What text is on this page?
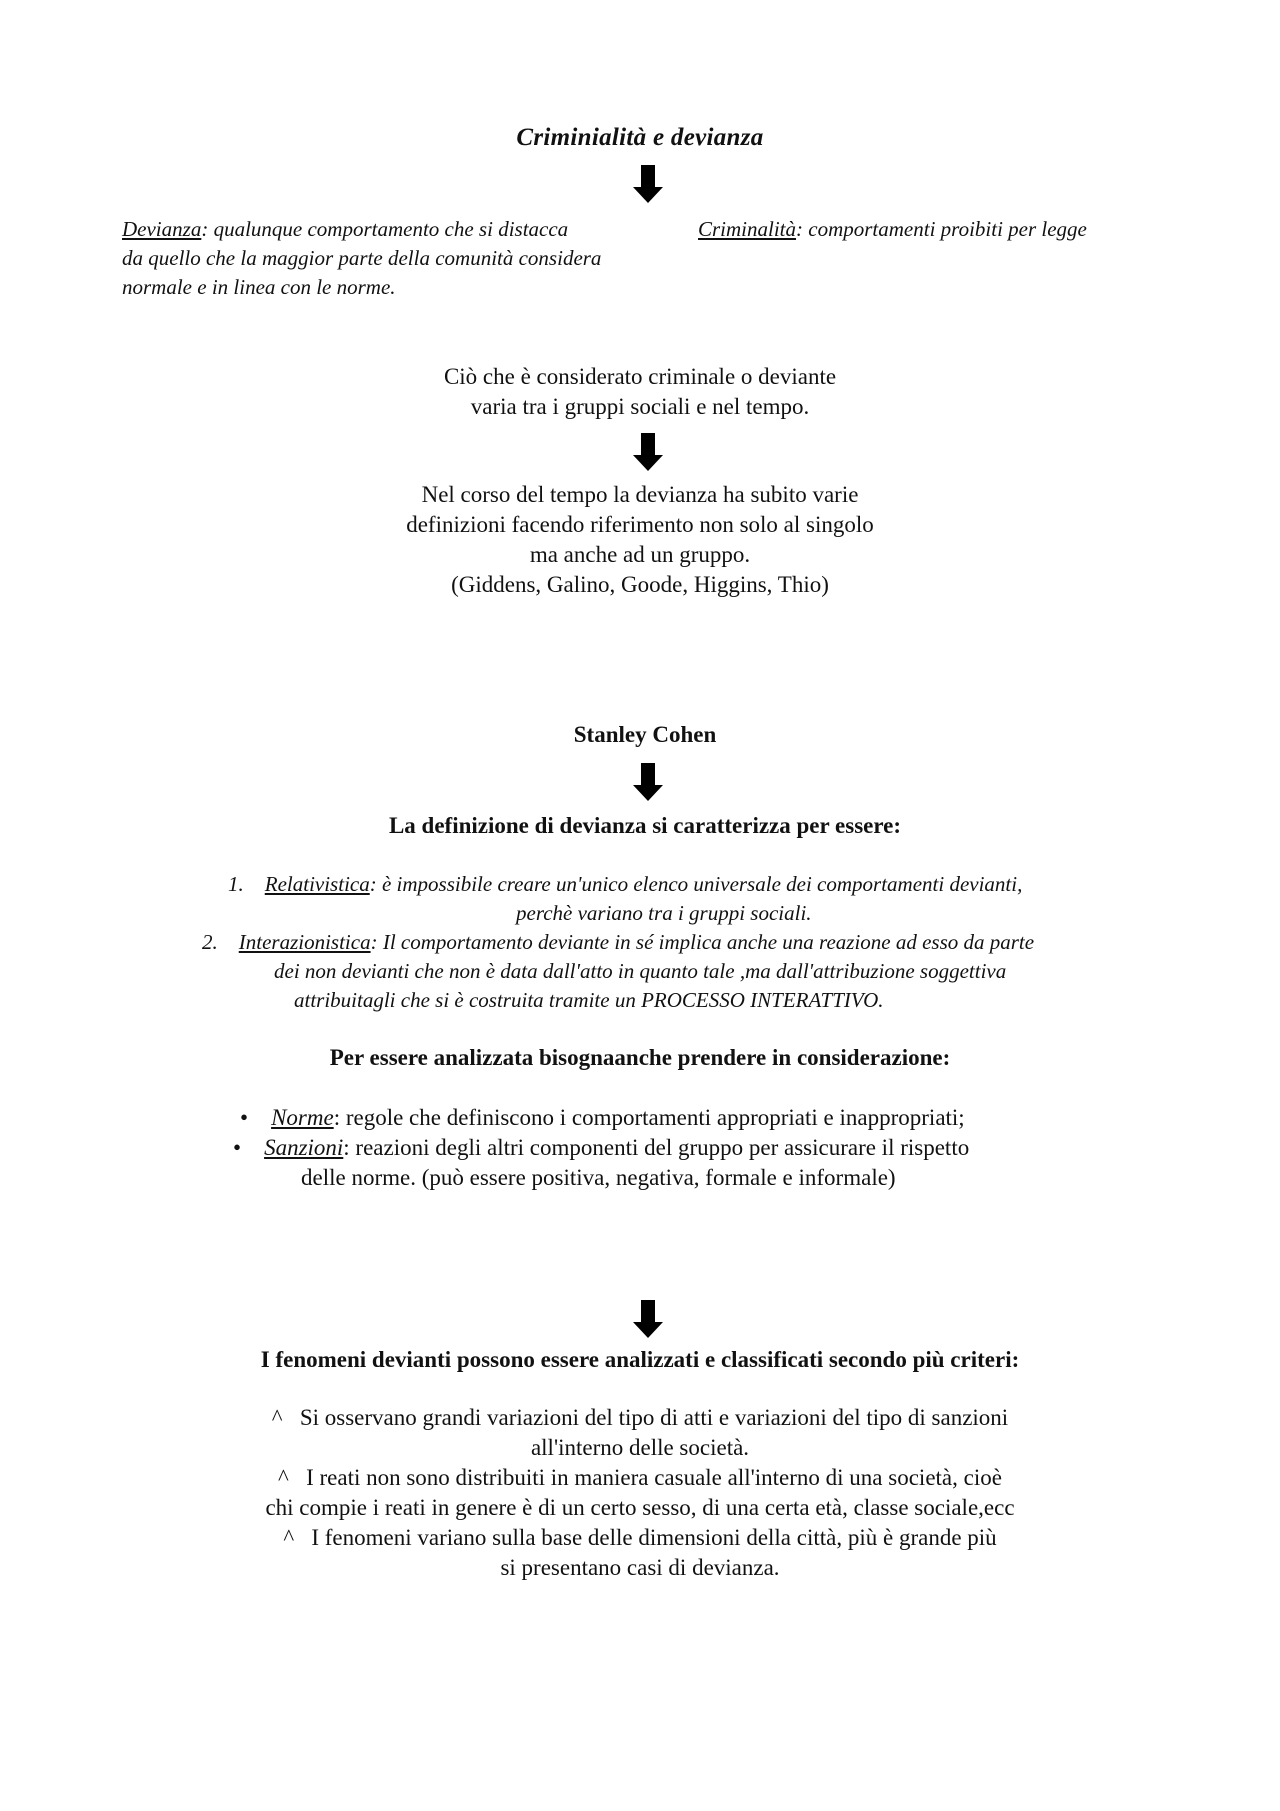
Criminialità e devianza
Devianza: qualunque comportamento che si distacca
da quello che la maggior parte della comunità considera
normale e in linea con le norme.
Criminalità: comportamenti proibiti per legge
Ciò che è considerato criminale o deviante
varia tra i gruppi sociali e nel tempo.
Nel corso del tempo la devianza ha subito varie
definizioni facendo riferimento non solo al singolo
ma anche ad un gruppo.
(Giddens, Galino, Goode, Higgins, Thio)
Stanley Cohen
La definizione di devianza si caratterizza per essere:
1. Relativistica: è impossibile creare un'unico elenco universale dei comportamenti devianti,
perchè variano tra i gruppi sociali.
2. Interazionistica: Il comportamento deviante in sé implica anche una reazione ad esso da parte
dei non devianti che non è data dall'atto in quanto tale ,ma dall'attribuzione soggettiva
attribuitagli che si è costruita tramite un PROCESSO INTERATTIVO.
Per essere analizzata bisognaanche prendere in considerazione:
• Norme: regole che definiscono i comportamenti appropriati e inappropriati;
• Sanzioni: reazioni degli altri componenti del gruppo per assicurare il rispetto
delle norme. (può essere positiva, negativa, formale e informale)
I fenomeni devianti possono essere analizzati e classificati secondo più criteri:
^ Si osservano grandi variazioni del tipo di atti e variazioni del tipo di sanzioni
all'interno delle società.
^ I reati non sono distribuiti in maniera casuale all'interno di una società, cioè
chi compie i reati in genere è di un certo sesso, di una certa età, classe sociale,ecc
^ I fenomeni variano sulla base delle dimensioni della città, più è grande più
si presentano casi di devianza.
